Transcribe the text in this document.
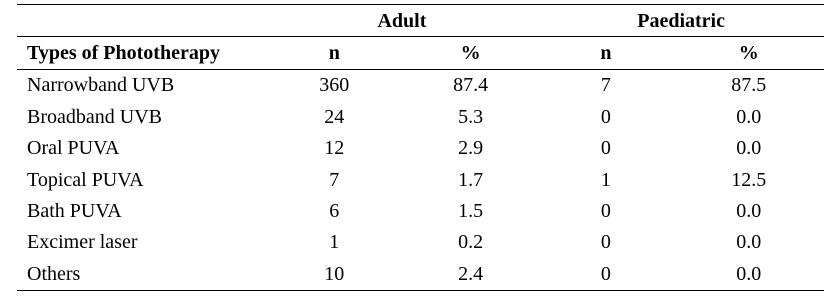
	Adult		Paediatric	
Types of Phototherapy	n	%	n	%
Narrowband UVB	360	87.4	7	87.5
Broadband UVB	24	5.3	0	0.0
Oral PUVA	12	2.9	0	0.0
Topical PUVA	7	1.7	1	12.5
Bath PUVA	6	1.5	0	0.0
Excimer laser	1	0.2	0	0.0
Others	10	2.4	0	0.0
